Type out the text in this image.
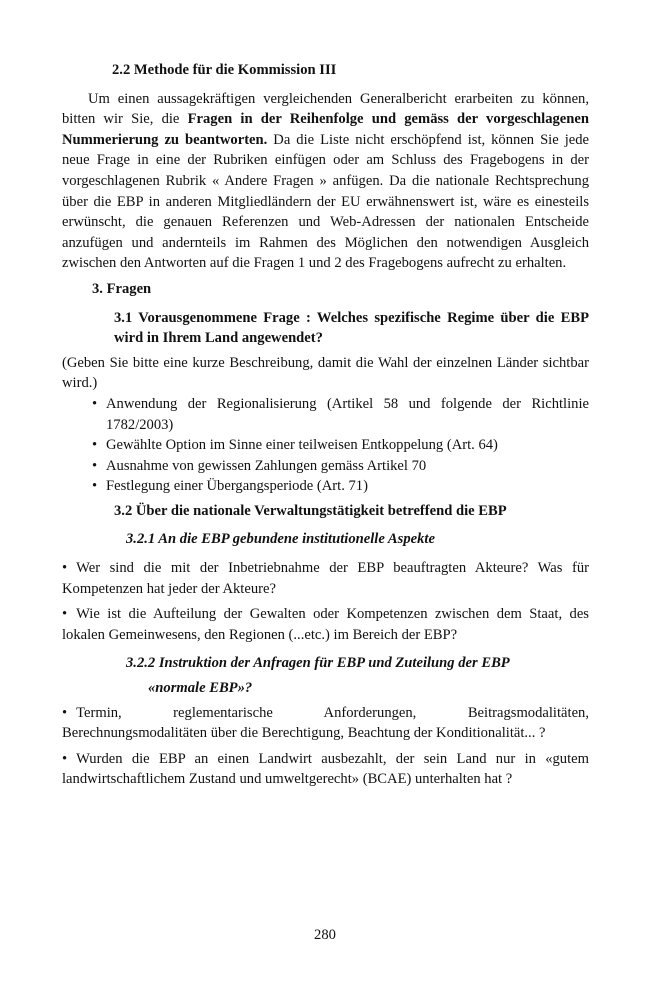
2.2 Methode für die Kommission III

Um einen aussagekräftigen vergleichenden Generalbericht erarbeiten zu können, bitten wir Sie, die Fragen in der Reihenfolge und gemäss der vorgeschlagenen Nummerierung zu beantworten. Da die Liste nicht erschöpfend ist, können Sie jede neue Frage in eine der Rubriken einfügen oder am Schluss des Fragebogens in der vorgeschlagenen Rubrik « Andere Fragen » anfügen. Da die nationale Rechtsprechung über die EBP in anderen Mitgliedländern der EU erwähnenswert ist, wäre es einesteils erwünscht, die genauen Referenzen und Web-Adressen der nationalen Entscheide anzufügen und andernteils im Rahmen des Möglichen den notwendigen Ausgleich zwischen den Antworten auf die Fragen 1 und 2 des Fragebogens aufrecht zu erhalten.

3. Fragen
3.1 Vorausgenommene Frage : Welches spezifische Regime über die EBP wird in Ihrem Land angewendet?

(Geben Sie bitte eine kurze Beschreibung, damit die Wahl der einzelnen Länder sichtbar wird.)

• Anwendung der Regionalisierung (Artikel 58 und folgende der Richtlinie 1782/2003)
• Gewählte Option im Sinne einer teilweisen Entkoppelung (Art. 64)
• Ausnahme von gewissen Zahlungen gemäss Artikel 70
• Festlegung einer Übergangsperiode (Art. 71)
3.2 Über die nationale Verwaltungstätigkeit betreffend die EBP
3.2.1 An die EBP gebundene institutionelle Aspekte

• Wer sind die mit der Inbetriebnahme der EBP beauftragten Akteure? Was für Kompetenzen hat jeder der Akteure?

• Wie ist die Aufteilung der Gewalten oder Kompetenzen zwischen dem Staat, des lokalen Gemeinwesens, den Regionen (...etc.) im Bereich der EBP?

3.2.2 Instruktion der Anfragen für EBP und Zuteilung der EBP
«normale EBP»?

• Termin, reglementarische Anforderungen, Beitragsmodalitäten, Berechnungsmodalitäten über die Berechtigung, Beachtung der Konditionalität... ?

• Wurden die EBP an einen Landwirt ausbezahlt, der sein Land nur in «gutem landwirtschaftlichem Zustand und umweltgerecht» (BCAE) unterhalten hat ?

280
